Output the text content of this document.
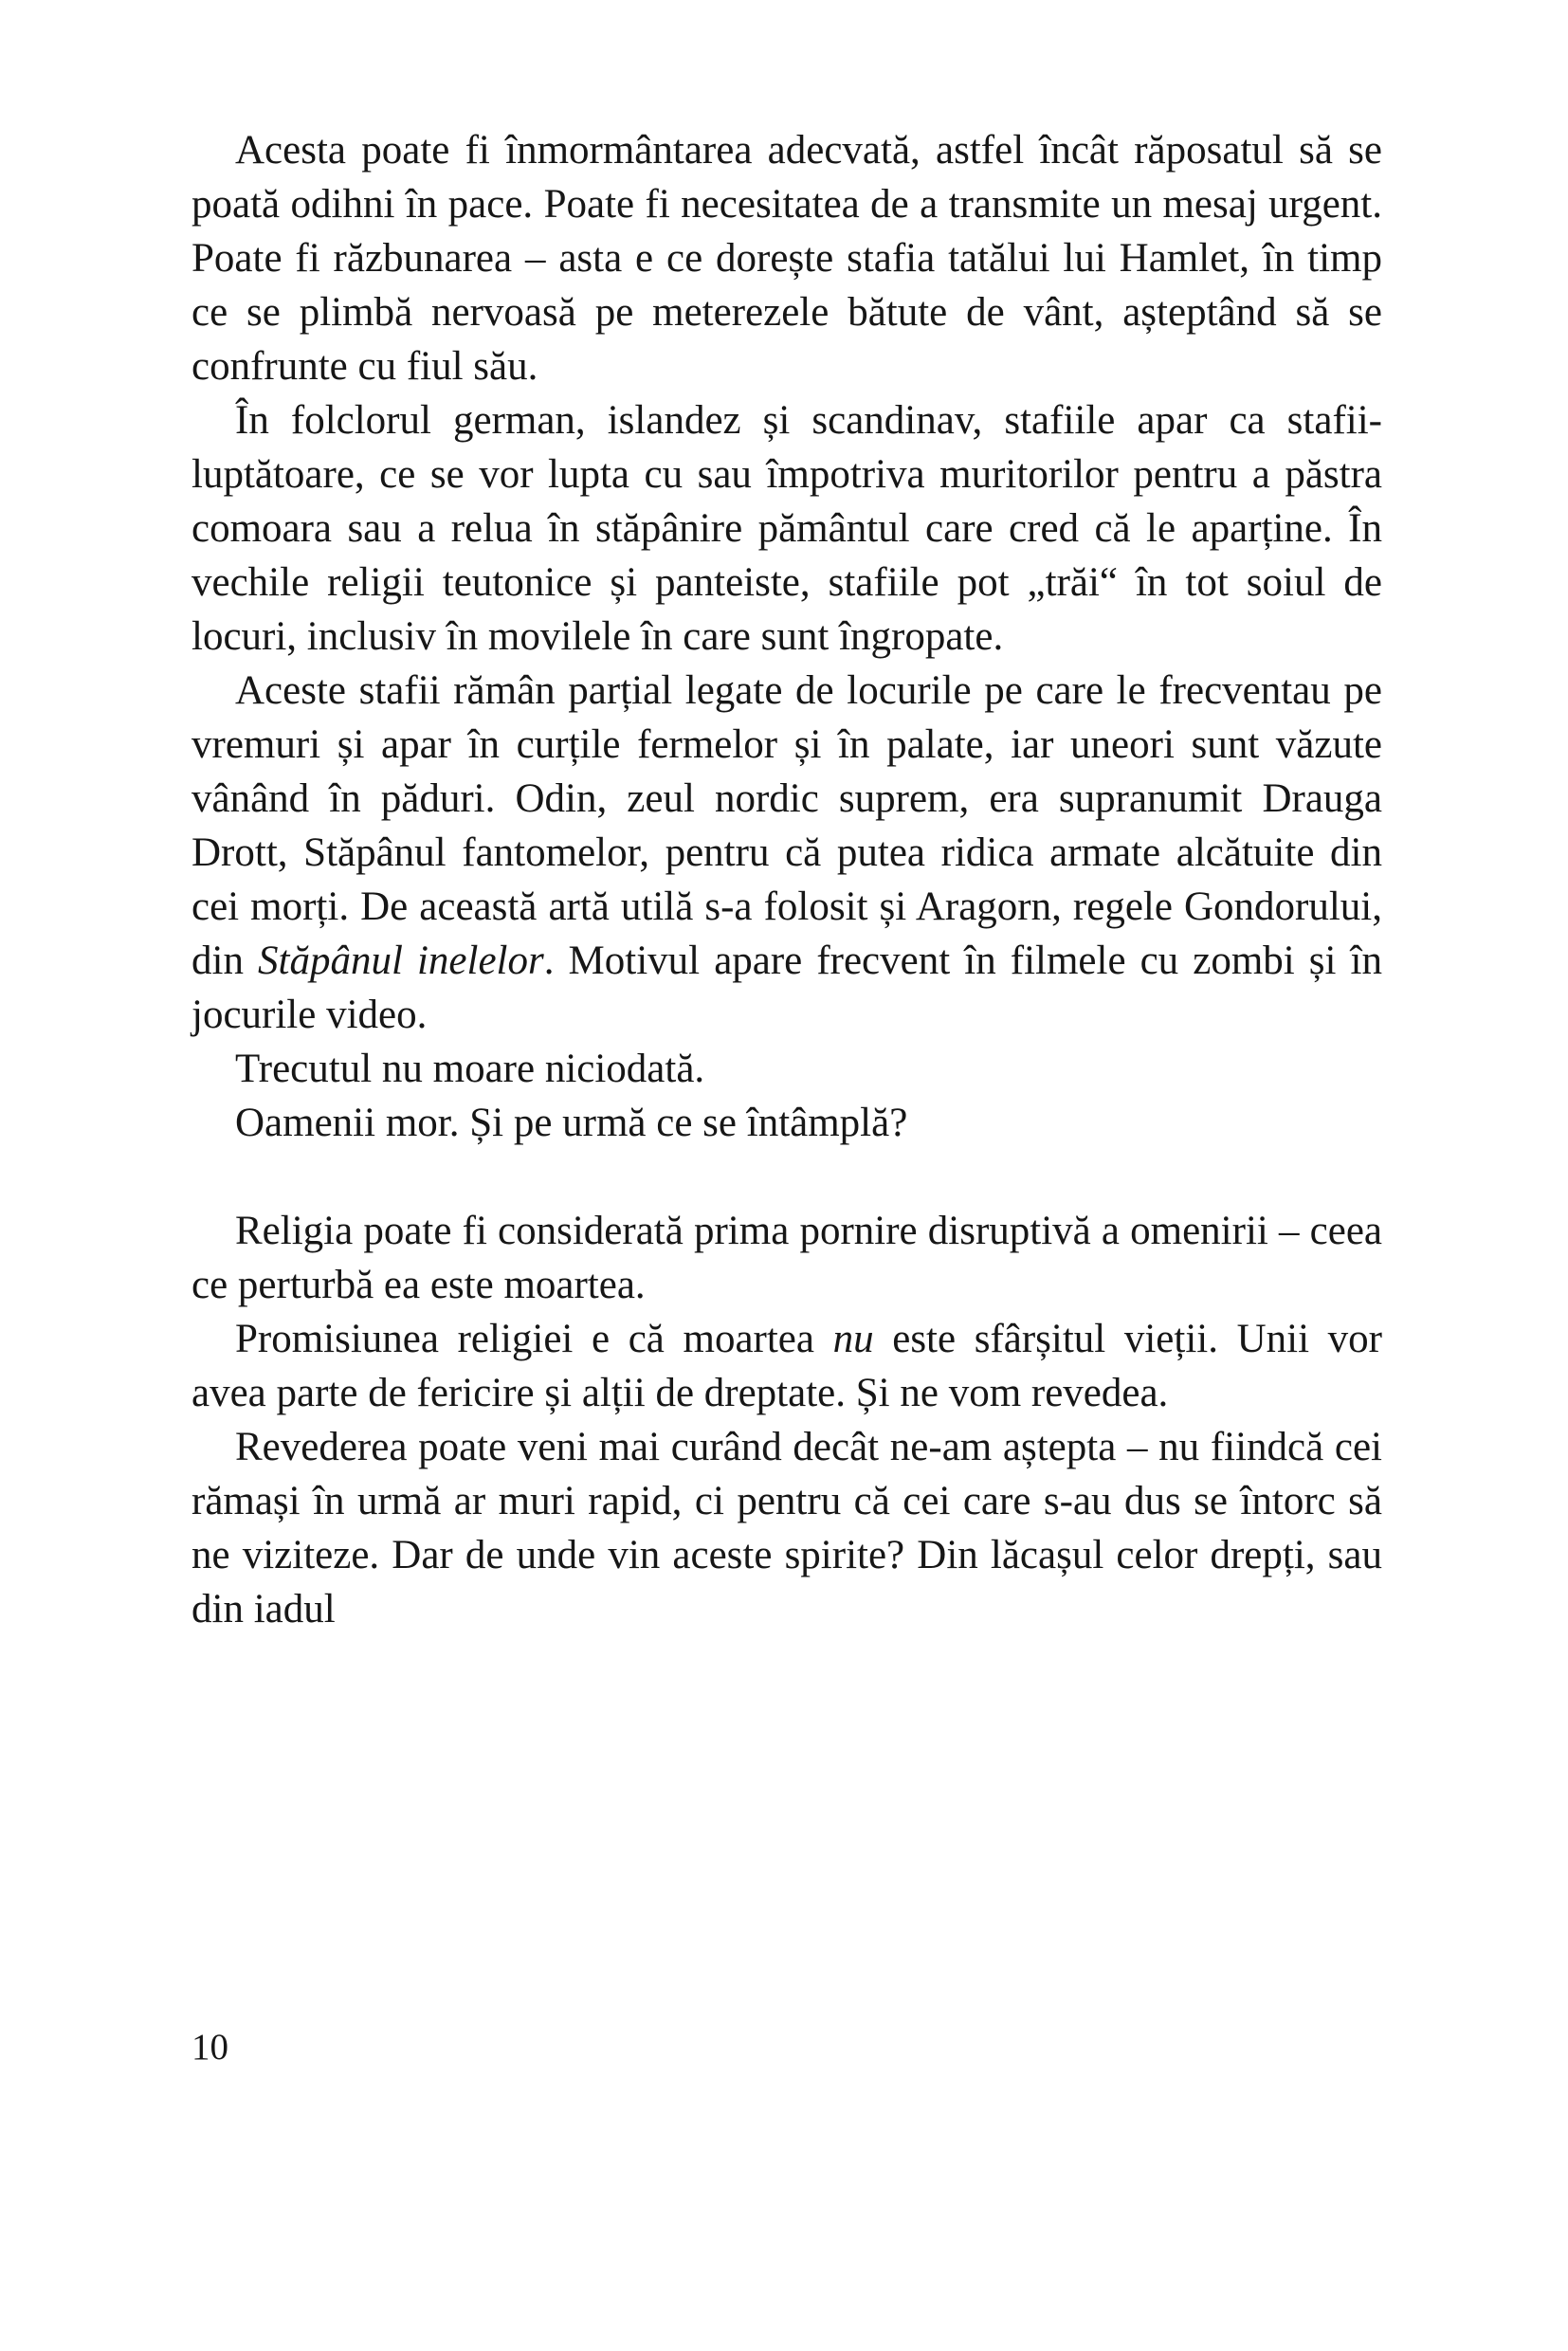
Acesta poate fi înmormântarea adecvată, astfel încât răposatul să se poată odihni în pace. Poate fi necesitatea de a transmite un mesaj urgent. Poate fi răzbunarea – asta e ce dorește stafia tatălui lui Hamlet, în timp ce se plimbă nervoasă pe meterezele bătute de vânt, așteptând să se confrunte cu fiul său.

În folclorul german, islandez și scandinav, stafiile apar ca stafii-luptătoare, ce se vor lupta cu sau împotriva muritorilor pentru a păstra comoara sau a relua în stăpânire pământul care cred că le aparține. În vechile religii teutonice și panteiste, stafiile pot „trăi“ în tot soiul de locuri, inclusiv în movilele în care sunt îngropate.

Aceste stafii rămân parțial legate de locurile pe care le frecventau pe vremuri și apar în curțile fermelor și în palate, iar uneori sunt văzute vânând în păduri. Odin, zeul nordic suprem, era supranumit Drauga Drott, Stăpânul fantomelor, pentru că putea ridica armate alcătuite din cei morți. De această artă utilă s-a folosit și Aragorn, regele Gondorului, din Stăpânul inelelor. Motivul apare frecvent în filmele cu zombi și în jocurile video.

Trecutul nu moare niciodată.

Oamenii mor. Și pe urmă ce se întâmplă?

Religia poate fi considerată prima pornire disruptivă a omenirii – ceea ce perturbă ea este moartea.

Promisiunea religiei e că moartea nu este sfârșitul vieții. Unii vor avea parte de fericire și alții de dreptate. Și ne vom revedea.

Revederea poate veni mai curând decât ne-am aștepta – nu fiindcă cei rămași în urmă ar muri rapid, ci pentru că cei care s-au dus se întorc să ne viziteze. Dar de unde vin aceste spirite? Din lăcașul celor drepți, sau din iadul

10
